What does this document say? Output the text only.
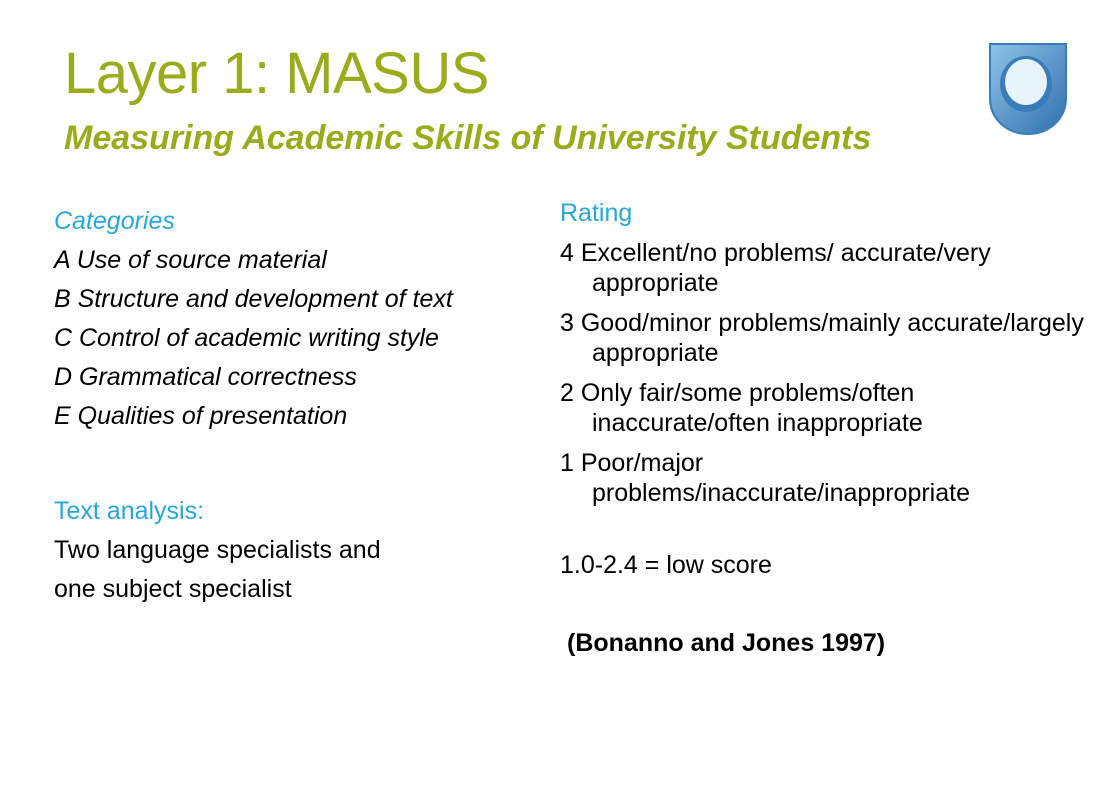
Layer 1: MASUS
Measuring Academic Skills of University Students
Categories
A Use of source material
B Structure and development of text
C Control of academic writing style
D Grammatical correctness
E Qualities of presentation
Text analysis:
Two language specialists and
one subject specialist
Rating
4 Excellent/no problems/ accurate/very appropriate
3 Good/minor problems/mainly accurate/largely appropriate
2 Only fair/some problems/often inaccurate/often inappropriate
1 Poor/major problems/inaccurate/inappropriate
1.0-2.4 = low score
(Bonanno and Jones 1997)
